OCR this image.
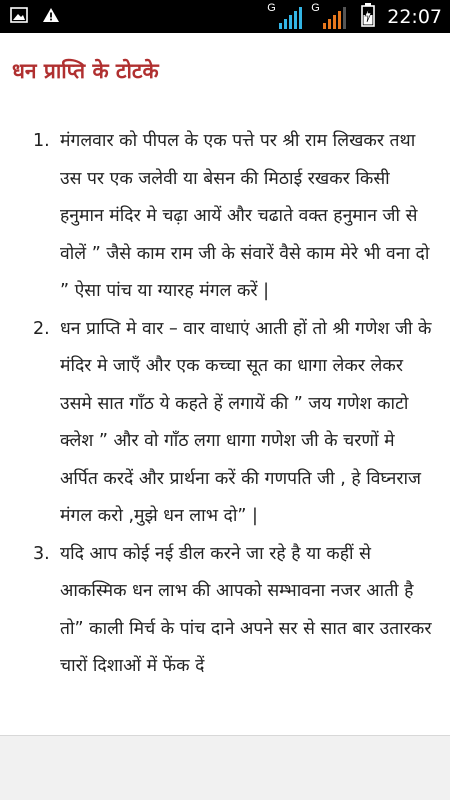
G	G	22:07
धन प्राप्ति के टोटके
1. मंगलवार को पीपल के एक पत्ते पर श्री राम लिखकर तथा उस पर एक जलेवी या बेसन की मिठाई रखकर किसी हनुमान मंदिर मे चढ़ा आयें और चढाते वक्त हनुमान जी से वोलें ” जैसे काम राम जी के संवारें वैसे काम मेरे भी वना दो ” ऐसा पांच या ग्यारह मंगल करें |
2. धन प्राप्ति मे वार – वार वाधाएं आती हों तो श्री गणेश जी के मंदिर मे जाएँ और एक कच्चा सूत का धागा लेकर लेकर उसमे सात गाँठ ये कहते हें लगायें की ” जय गणेश काटो क्लेश ” और वो गाँठ लगा धागा गणेश जी के चरणों मे अर्पित करदें और प्रार्थना करें की गणपति जी , हे विघ्नराज मंगल करो ,मुझे धन लाभ दो” |
3. यदि आप कोई नई डील करने जा रहे है या कहीं से आकस्मिक धन लाभ की आपको सम्भावना नजर आती है तो” काली मिर्च के पांच दाने अपने सर से सात बार उतारकर चारों दिशाओं में फेंक दें
